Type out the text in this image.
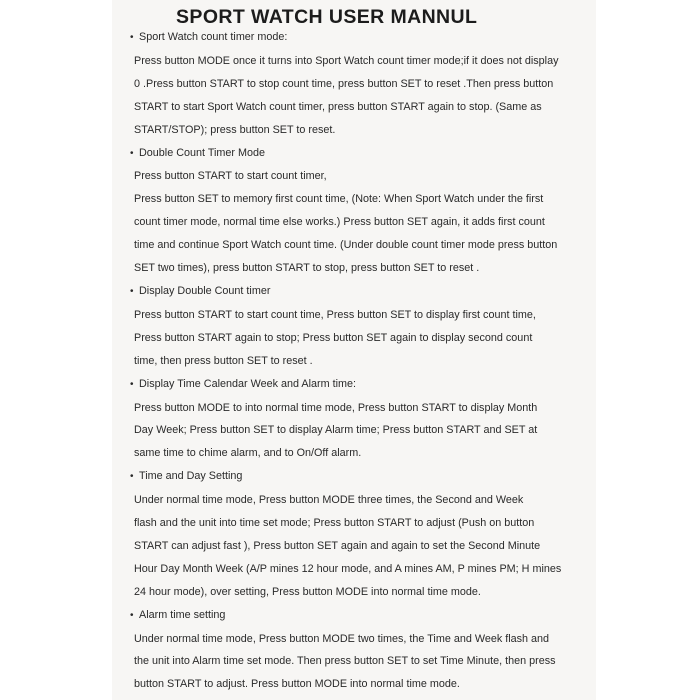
SPORT WATCH USER MANNUL
• Sport Watch count timer mode:
Press button MODE once it turns into Sport Watch count timer mode;if it does not display
0 .Press button START to stop count time, press button SET to reset .Then press button
START to start Sport Watch count timer, press button START again to stop. (Same as
START/STOP); press button SET to reset.
• Double Count Timer Mode
Press button START to start count timer,
Press button SET to memory first count time, (Note: When Sport Watch under the first
count timer mode, normal time else works.) Press button SET again, it adds first count
time and continue Sport Watch count time. (Under double count timer mode press button
SET two times), press button START to stop, press button SET to reset .
• Display Double Count timer
Press button START to start count time, Press button SET to display first count time,
Press button START again to stop; Press button SET again to display second count
time, then press button SET to reset .
• Display Time Calendar Week and Alarm time:
Press button MODE to into normal time mode, Press button START to display Month
Day Week; Press button SET to display Alarm time; Press button START and SET at
same time to chime alarm, and to On/Off alarm.
• Time and Day Setting
Under normal time mode, Press button MODE three times, the Second and Week
flash and the unit into time set mode; Press button START to adjust (Push on button
START can adjust fast ), Press button SET again and again to set the Second Minute
Hour Day Month Week (A/P mines 12 hour mode, and A mines AM, P mines PM; H mines
24 hour mode), over setting, Press button MODE into normal time mode.
• Alarm time setting
Under normal time mode, Press button MODE two times, the Time and Week flash and
the unit into Alarm time set mode. Then press button SET to set Time Minute, then press
button START to adjust. Press button MODE into normal time mode.
